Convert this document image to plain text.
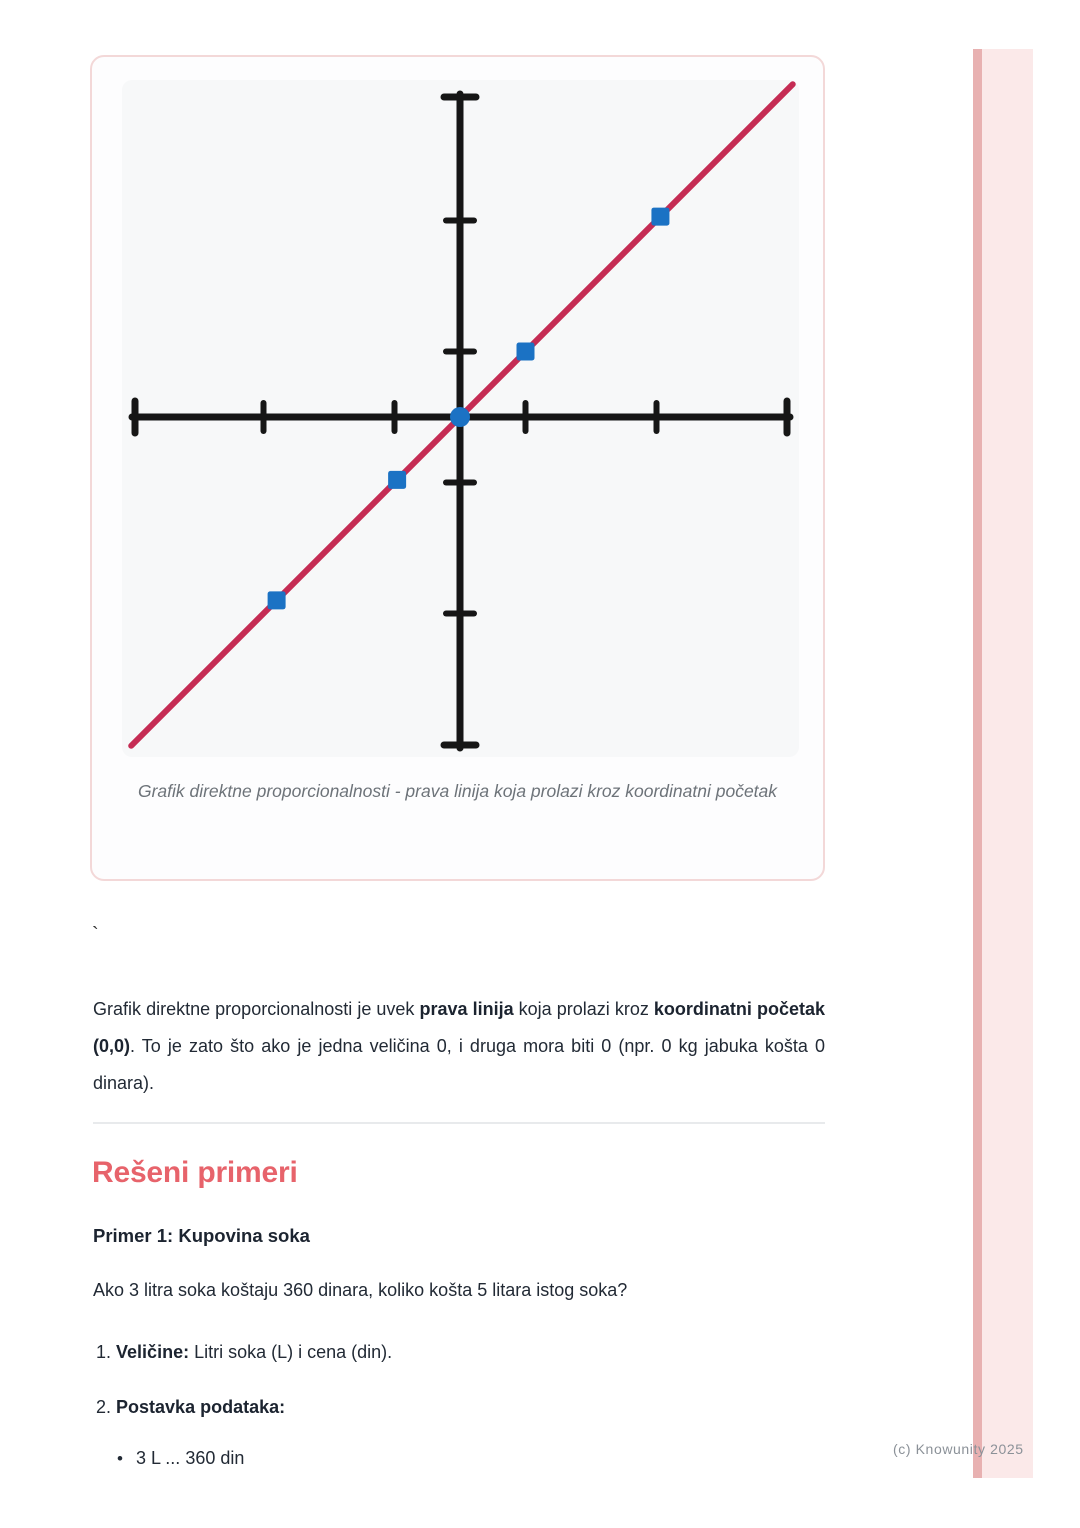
Grafik direktne proporcionalnosti - prava linija koja prolazi kroz koordinatni početak
`

Grafik direktne proporcionalnosti je uvek prava linija koja prolazi kroz koordinatni početak (0,0). To je zato što ako je jedna veličina 0, i druga mora biti 0 (npr. 0 kg jabuka košta 0 dinara).

Rešeni primeri
Primer 1: Kupovina soka
Ako 3 litra soka koštaju 360 dinara, koliko košta 5 litara istog soka?
1. Veličine: Litri soka (L) i cena (din).
2. Postavka podataka:
• 3 L ... 360 din	(c) Knowunity 2025
